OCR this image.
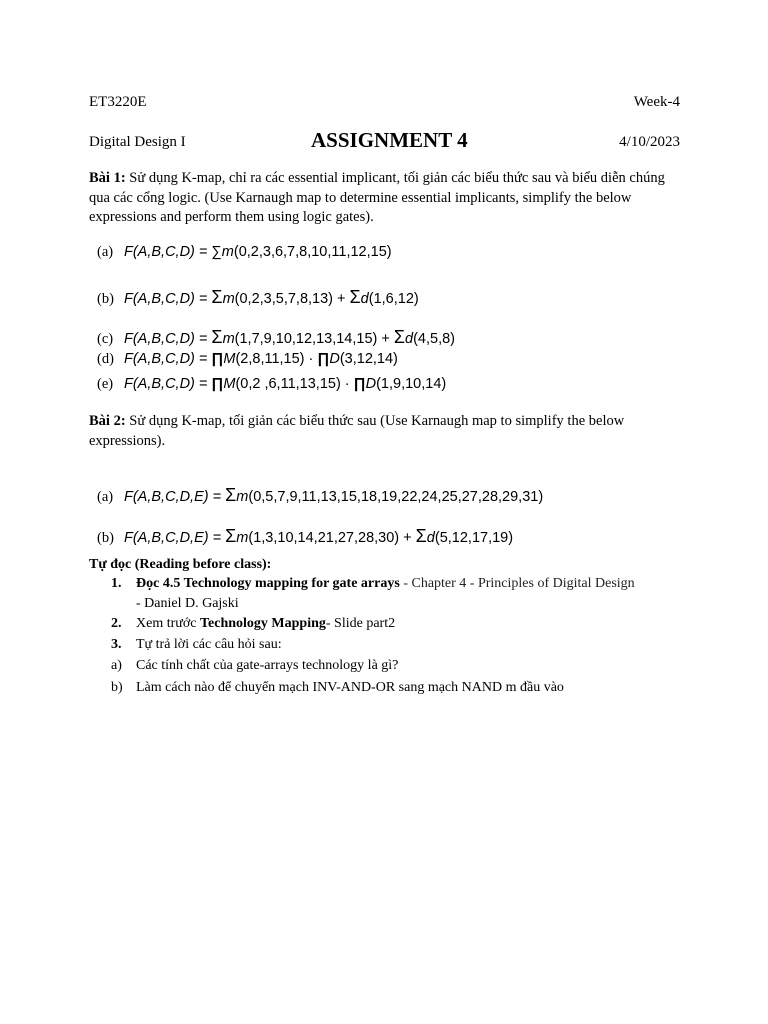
ET3220E	Week-4
Digital Design I	ASSIGNMENT 4	4/10/2023
Bài 1: Sử dụng K-map, chỉ ra các essential implicant, tối giản các biểu thức sau và biểu diễn chúng qua các cổng logic. (Use Karnaugh map to determine essential implicants, simplify the below expressions and perform them using logic gates).
(a) F(A,B,C,D) = ∑m(0,2,3,6,7,8,10,11,12,15)
(b) F(A,B,C,D) = Σm(0,2,3,5,7,8,13) + Σd(1,6,12)
(c) F(A,B,C,D) = Σm(1,7,9,10,12,13,14,15) + Σd(4,5,8)
(d) F(A,B,C,D) = ∏M(2,8,11,15) · ∏D(3,12,14)
(e) F(A,B,C,D) = ∏M(0,2 ,6,11,13,15) · ∏D(1,9,10,14)
Bài 2: Sử dụng K-map, tối giản các biểu thức sau (Use Karnaugh map to simplify the below expressions).
(a) F(A,B,C,D,E) = Σm(0,5,7,9,11,13,15,18,19,22,24,25,27,28,29,31)
(b) F(A,B,C,D,E) = Σm(1,3,10,14,21,27,28,30) + Σd(5,12,17,19)
Tự đọc (Reading before class):
1. Đọc 4.5 Technology mapping for gate arrays - Chapter 4 - Principles of Digital Design
- Daniel D. Gajski
2. Xem trước Technology Mapping- Slide part2
3. Tự trả lời các câu hỏi sau:
a) Các tính chất của gate-arrays technology là gì?
b) Làm cách nào để chuyển mạch INV-AND-OR sang mạch NAND m đầu vào
